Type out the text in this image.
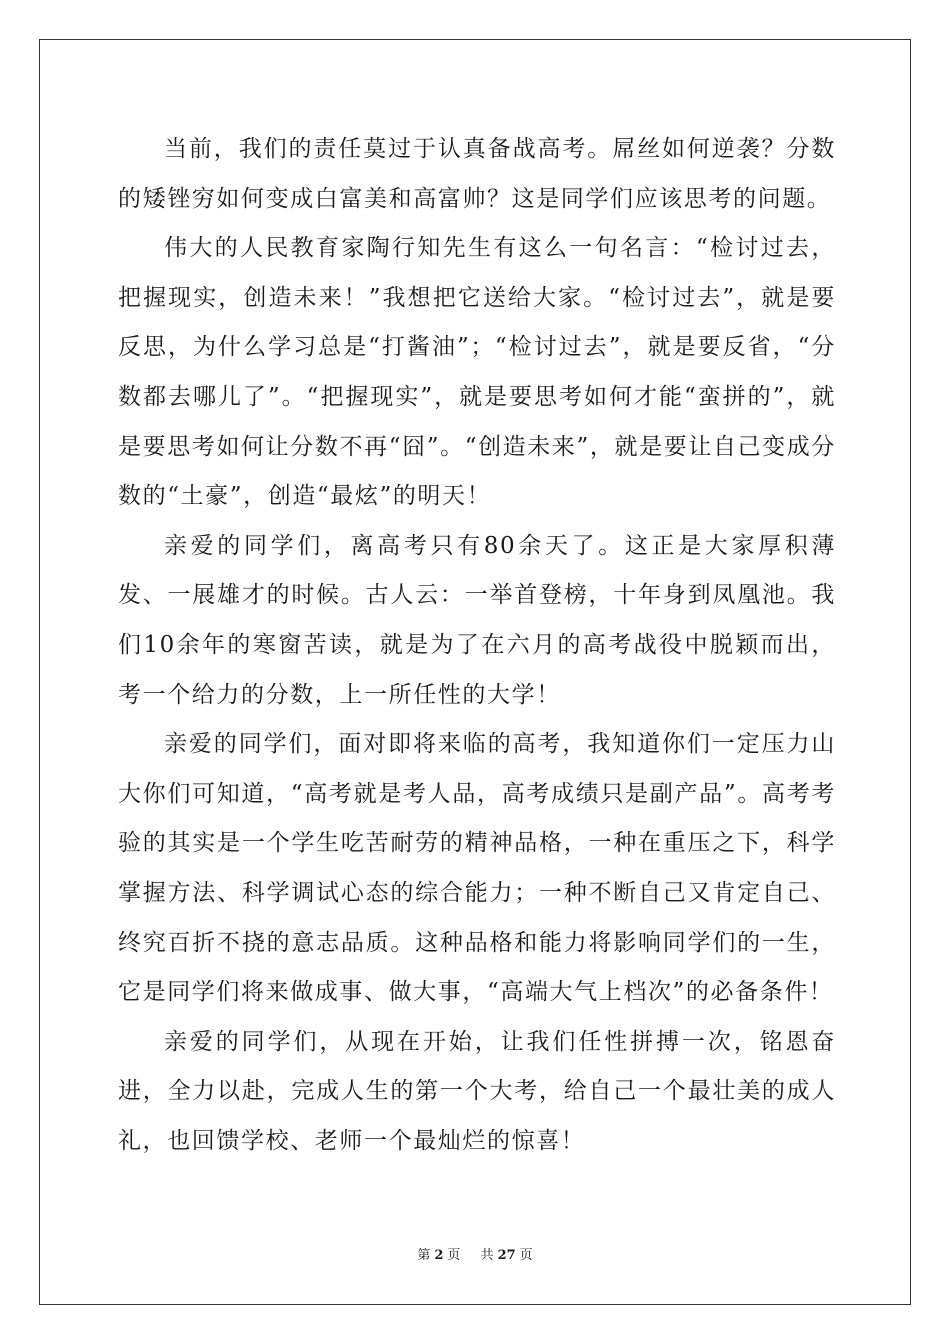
当前，我们的责任莫过于认真备战高考。屌丝如何逆袭？分数的矮锉穷如何变成白富美和高富帅？这是同学们应该思考的问题。

伟大的人民教育家陶行知先生有这么一句名言：“检讨过去，把握现实，创造未来！”我想把它送给大家。“检讨过去”，就是要反思，为什么学习总是“打酱油”；“检讨过去”，就是要反省，“分数都去哪儿了”。“把握现实”，就是要思考如何才能“蛮拼的”，就是要思考如何让分数不再“囧”。“创造未来”，就是要让自己变成分数的“土豪”，创造“最炫”的明天！

亲爱的同学们，离高考只有80余天了。这正是大家厚积薄发、一展雄才的时候。古人云：一举首登榜，十年身到凤凰池。我们10余年的寒窗苦读，就是为了在六月的高考战役中脱颖而出，考一个给力的分数，上一所任性的大学！

亲爱的同学们，面对即将来临的高考，我知道你们一定压力山大你们可知道，“高考就是考人品，高考成绩只是副产品”。高考考验的其实是一个学生吃苦耐劳的精神品格，一种在重压之下，科学掌握方法、科学调试心态的综合能力；一种不断自己又肯定自己、终究百折不挠的意志品质。这种品格和能力将影响同学们的一生，它是同学们将来做成事、做大事，“高端大气上档次”的必备条件！

亲爱的同学们，从现在开始，让我们任性拼搏一次，铭恩奋进，全力以赴，完成人生的第一个大考，给自己一个最壮美的成人礼，也回馈学校、老师一个最灿烂的惊喜！

第 2 页 共 27 页
